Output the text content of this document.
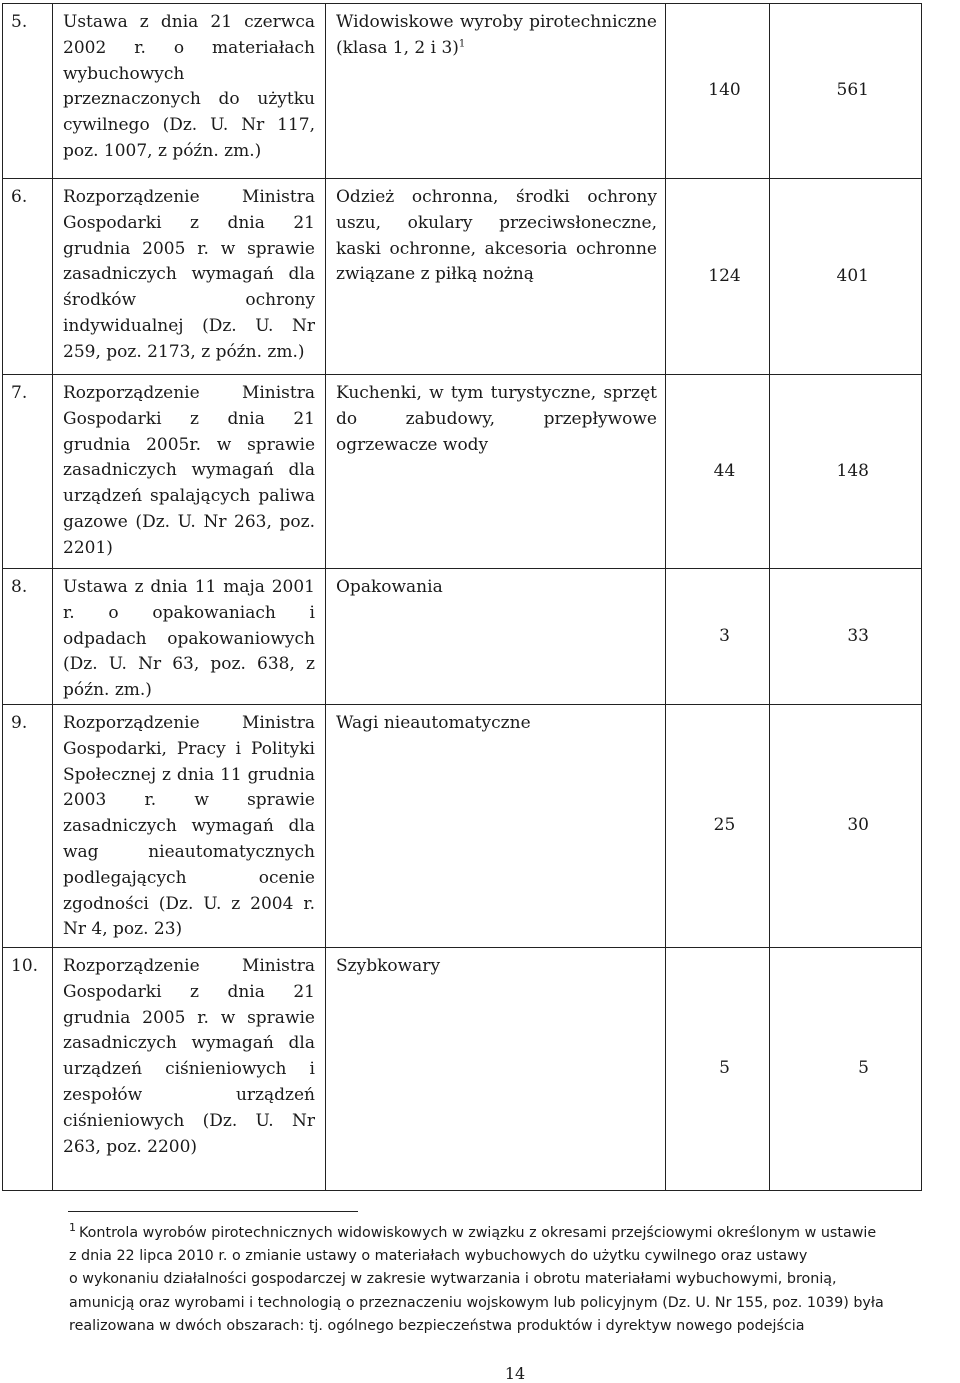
5.	Ustawa z dnia 21 czerwca 2002 r. o materiałach wybuchowych przeznaczonych do użytku cywilnego (Dz. U. Nr 117, poz. 1007, z późn. zm.)	Widowiskowe wyroby pirotechniczne (klasa 1, 2 i 3)$^1$	140	561
6.	Rozporządzenie Ministra Gospodarki z dnia 21 grudnia 2005 r. w sprawie zasadniczych wymagań dla środków ochrony indywidualnej (Dz. U. Nr 259, poz. 2173, z późn. zm.)	Odzież ochronna, środki ochrony uszu, okulary przeciwsłoneczne, kaski ochronne, akcesoria ochronne związane z piłką nożną	124	401
7.	Rozporządzenie Ministra Gospodarki z dnia 21 grudnia 2005r. w sprawie zasadniczych wymagań dla urządzeń spalających paliwa gazowe (Dz. U. Nr 263, poz. 2201)	Kuchenki, w tym turystyczne, sprzęt do zabudowy, przepływowe ogrzewacze wody	44	148
8.	Ustawa z dnia 11 maja 2001 r. o opakowaniach i odpadach opakowaniowych (Dz. U. Nr 63, poz. 638, z późn. zm.)	Opakowania	3	33
9.	Rozporządzenie Ministra Gospodarki, Pracy i Polityki Społecznej z dnia 11 grudnia 2003 r. w sprawie zasadniczych wymagań dla wag nieautomatycznych podlegających ocenie zgodności (Dz. U. z 2004 r. Nr 4, poz. 23)	Wagi nieautomatyczne	25	30
10.	Rozporządzenie Ministra Gospodarki z dnia 21 grudnia 2005 r. w sprawie zasadniczych wymagań dla urządzeń ciśnieniowych i zespołów urządzeń ciśnieniowych (Dz. U. Nr 263, poz. 2200)	Szybkowary	5	5
$^1$ Kontrola wyrobów pirotechnicznych widowiskowych w związku z okresami przejściowymi określonym w ustawie
z dnia 22 lipca 2010 r. o zmianie ustawy o materiałach wybuchowych do użytku cywilnego oraz ustawy
o wykonaniu działalności gospodarczej w zakresie wytwarzania i obrotu materiałami wybuchowymi, bronią,
amunicją oraz wyrobami i technologią o przeznaczeniu wojskowym lub policyjnym (Dz. U. Nr 155, poz. 1039) była
realizowana w dwóch obszarach: tj. ogólnego bezpieczeństwa produktów i dyrektyw nowego podejścia
14
